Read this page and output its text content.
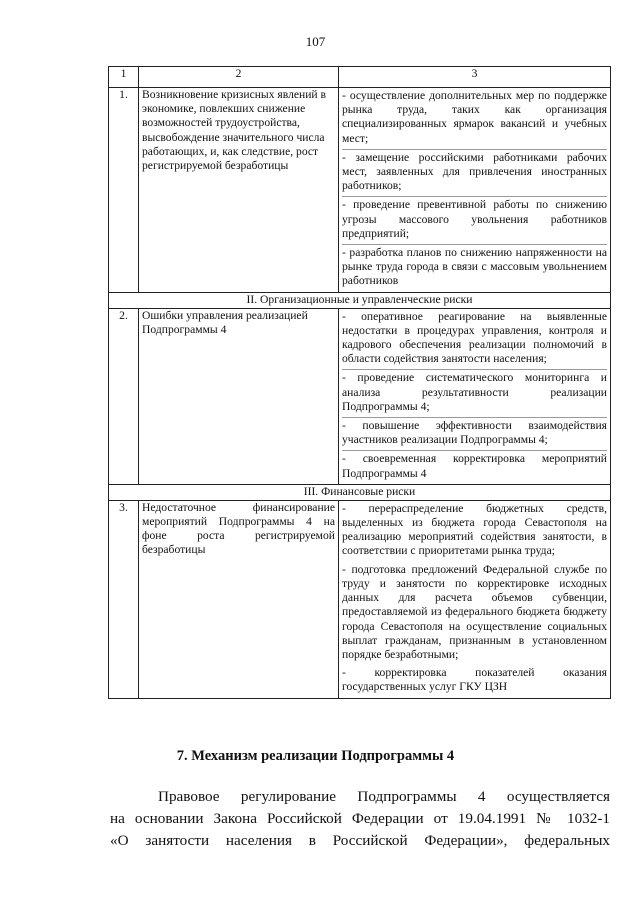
107
1	2	3
1.	Возникновение кризисных явлений в экономике, повлекших снижение возможностей трудоустройства, высвобождение значительного числа работающих, и, как следствие, рост регистрируемой безработицы	- осуществление дополнительных мер по поддержке рынка труда, таких как организация специализированных ярмарок вакансий и учебных мест;
- замещение российскими работниками рабочих мест, заявленных для привлечения иностранных работников;
- проведение превентивной работы по снижению угрозы массового увольнения работников предприятий;
- разработка планов по снижению напряженности на рынке труда города в связи с массовым увольнением работников

II. Организационные и управленческие риски		
2.	Ошибки управления реализацией Подпрограммы 4	- оперативное реагирование на выявленные недостатки в процедурах управления, контроля и кадрового обеспечения реализации полномочий в области содействия занятости населения;
- проведение систематического мониторинга и анализа результативности реализации Подпрограммы 4;
- повышение эффективности взаимодействия участников реализации Подпрограммы 4;
- своевременная корректировка мероприятий Подпрограммы 4

III. Финансовые риски		
3.	Недостаточное финансирование мероприятий Подпрограммы 4 на фоне роста регистрируемой безработицы	- перераспределение бюджетных средств, выделенных из бюджета города Севастополя на реализацию мероприятий содействия занятости, в соответствии с приоритетами рынка труда;
- подготовка предложений Федеральной службе по труду и занятости по корректировке исходных данных для расчета объемов субвенции, предоставляемой из федерального бюджета бюджету города Севастополя на осуществление социальных выплат гражданам, признанным в установленном порядке безработными;
- корректировка показателей оказания государственных услуг ГКУ ЦЗН
7. Механизм реализации Подпрограммы 4

Правовое регулирование Подпрограммы 4 осуществляется
на основании Закона Российской Федерации от 19.04.1991 № 1032-1
«О занятости населения в Российской Федерации», федеральных
